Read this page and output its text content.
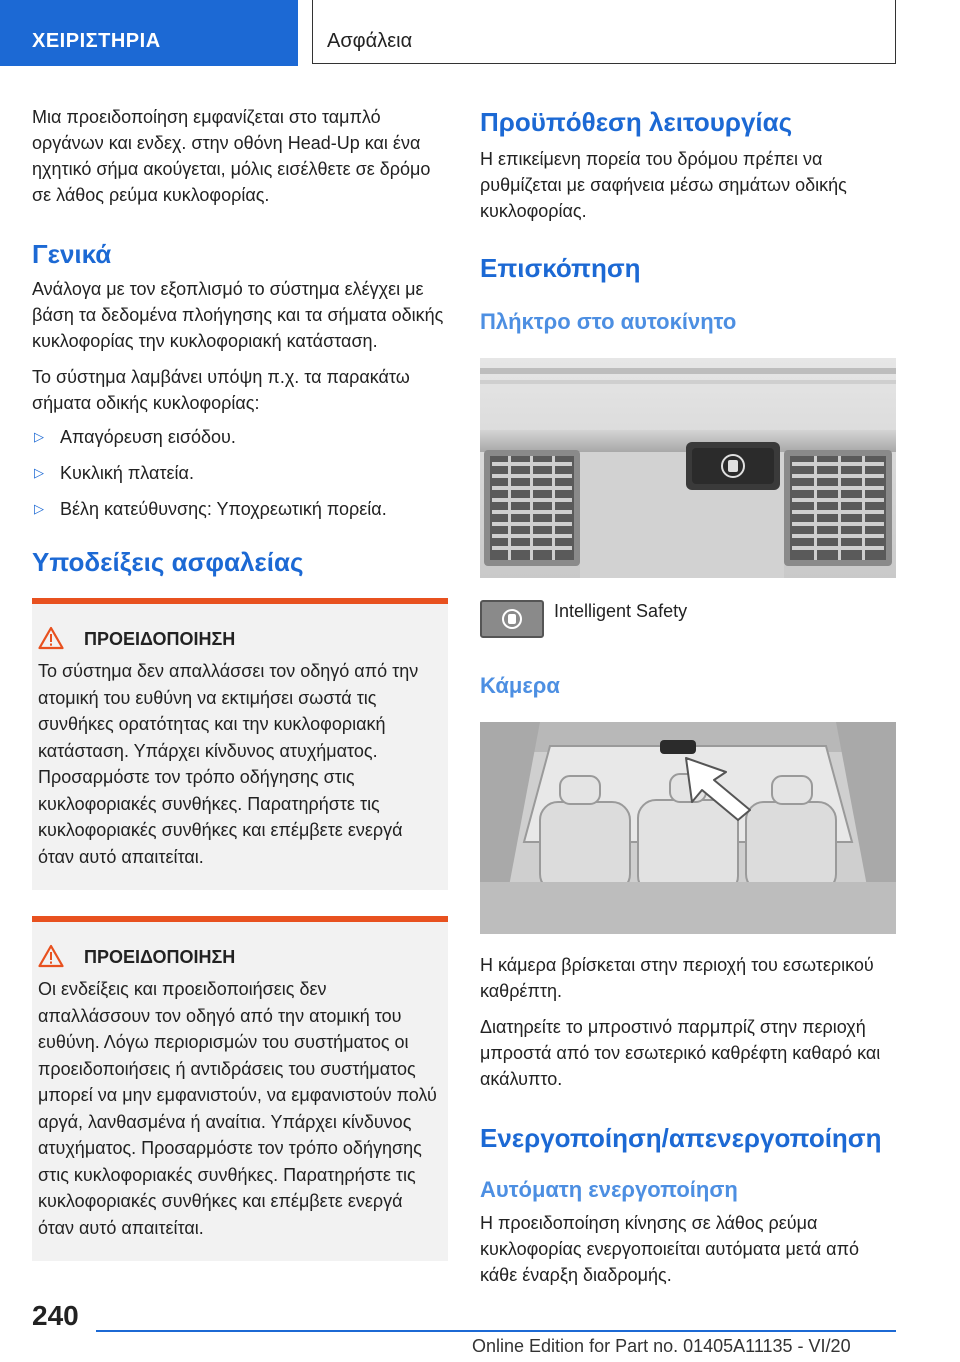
ΧΕΙΡΙΣΤΗΡΙΑ	Ασφάλεια

Μια προειδοποίηση εμφανίζεται στο ταμπλό οργάνων και ενδεχ. στην οθόνη Head-Up και ένα ηχητικό σήμα ακούγεται, μόλις εισέλθετε σε δρόμο σε λάθος ρεύμα κυκλοφορίας.

Γενικά

Ανάλογα με τον εξοπλισμό το σύστημα ελέγχει με βάση τα δεδομένα πλοήγησης και τα σήματα οδικής κυκλοφορίας την κυκλοφοριακή κατάσταση.

Το σύστημα λαμβάνει υπόψη π.χ. τα παρακάτω σήματα οδικής κυκλοφορίας:

▷ Απαγόρευση εισόδου.
▷ Κυκλική πλατεία.
▷ Βέλη κατεύθυνσης: Υποχρεωτική πορεία.
Υποδείξεις ασφαλείας
ΠΡΟΕΙΔΟΠΟΙΗΣΗ
Το σύστημα δεν απαλλάσσει τον οδηγό από την ατομική του ευθύνη να εκτιμήσει σωστά τις συνθήκες ορατότητας και την κυκλοφοριακή κατάσταση. Υπάρχει κίνδυνος ατυχήματος. Προσαρμόστε τον τρόπο οδήγησης στις κυκλοφοριακές συνθήκες. Παρατηρήστε τις κυκλοφοριακές συνθήκες και επέμβετε ενεργά όταν αυτό απαιτείται.
ΠΡΟΕΙΔΟΠΟΙΗΣΗ
Οι ενδείξεις και προειδοποιήσεις δεν απαλλάσσουν τον οδηγό από την ατομική του ευθύνη. Λόγω περιορισμών του συστήματος οι προειδοποιήσεις ή αντιδράσεις του συστήματος μπορεί να μην εμφανιστούν, να εμφανιστούν πολύ αργά, λανθασμένα ή αναίτια. Υπάρχει κίνδυνος ατυχήματος. Προσαρμόστε τον τρόπο οδήγησης στις κυκλοφοριακές συνθήκες. Παρατηρήστε τις κυκλοφοριακές συνθήκες και επέμβετε ενεργά όταν αυτό απαιτείται.
Προϋπόθεση λειτουργίας

Η επικείμενη πορεία του δρόμου πρέπει να ρυθμίζεται με σαφήνεια μέσω σημάτων οδικής κυκλοφορίας.

Επισκόπηση
Πλήκτρο στο αυτοκίνητο
Intelligent Safety
Κάμερα

Η κάμερα βρίσκεται στην περιοχή του εσωτερικού καθρέπτη.

Διατηρείτε το μπροστινό παρμπρίζ στην περιοχή μπροστά από τον εσωτερικό καθρέφτη καθαρό και ακάλυπτο.

Ενεργοποίηση/απενεργοποίηση
Αυτόματη ενεργοποίηση

Η προειδοποίηση κίνησης σε λάθος ρεύμα κυκλοφορίας ενεργοποιείται αυτόματα μετά από κάθε έναρξη διαδρομής.

240
Online Edition for Part no. 01405A11135 - VI/20
